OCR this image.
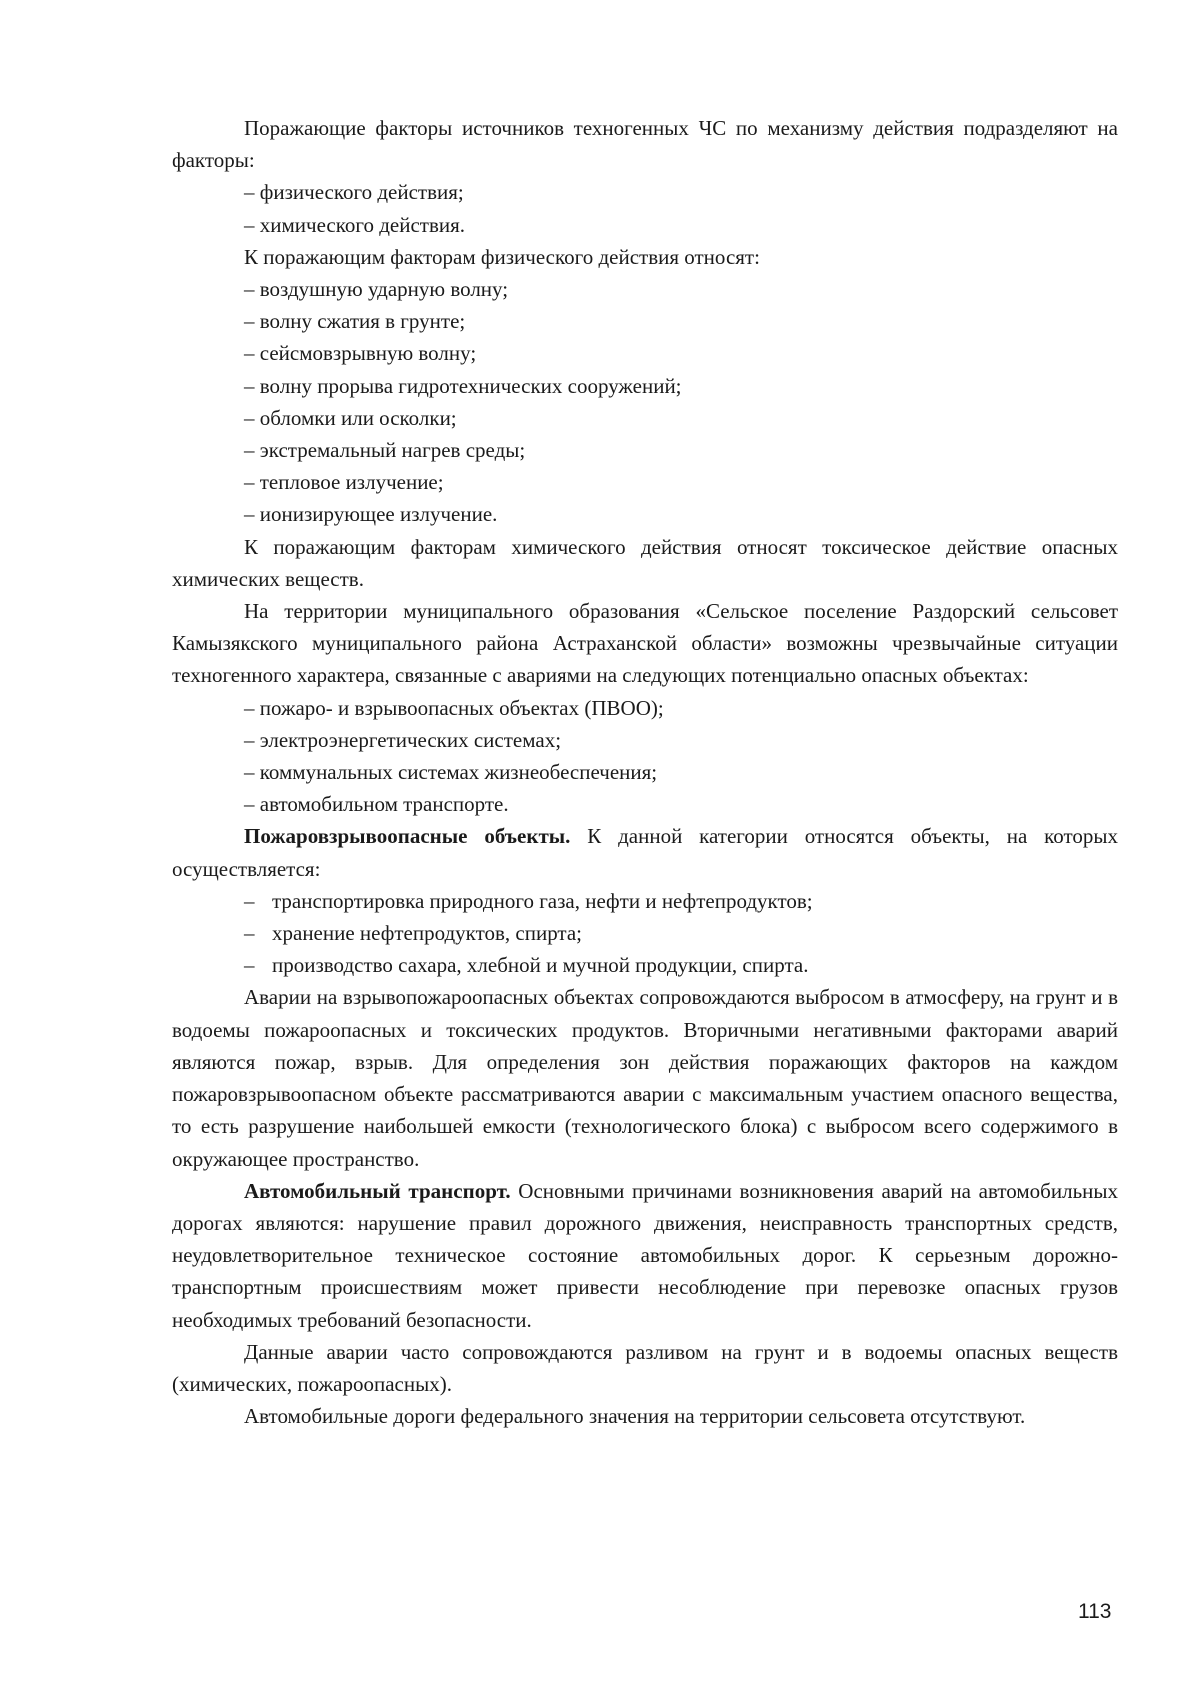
Поражающие факторы источников техногенных ЧС по механизму действия подразделяют на факторы:

– физического действия;

– химического действия.

К поражающим факторам физического действия относят:

– воздушную ударную волну;

– волну сжатия в грунте;

– сейсмовзрывную волну;

– волну прорыва гидротехнических сооружений;

– обломки или осколки;

– экстремальный нагрев среды;

– тепловое излучение;

– ионизирующее излучение.

К поражающим факторам химического действия относят токсическое действие опасных химических веществ.

На территории муниципального образования «Сельское поселение Раздорский сельсовет Камызякского муниципального района Астраханской области» возможны чрезвычайные ситуации техногенного характера, связанные с авариями на следующих потенциально опасных объектах:

– пожаро- и взрывоопасных объектах (ПВОО);

– электроэнергетических системах;

– коммунальных системах жизнеобеспечения;

– автомобильном транспорте.

Пожаровзрывоопасные объекты. К данной категории относятся объекты, на которых осуществляется:

– транспортировка природного газа, нефти и нефтепродуктов;

– хранение нефтепродуктов, спирта;

– производство сахара, хлебной и мучной продукции, спирта.

Аварии на взрывопожароопасных объектах сопровождаются выбросом в атмосферу, на грунт и в водоемы пожароопасных и токсических продуктов. Вторичными негативными факторами аварий являются пожар, взрыв. Для определения зон действия поражающих факторов на каждом пожаровзрывоопасном объекте рассматриваются аварии с максимальным участием опасного вещества, то есть разрушение наибольшей емкости (технологического блока) с выбросом всего содержимого в окружающее пространство.

Автомобильный транспорт. Основными причинами возникновения аварий на автомобильных дорогах являются: нарушение правил дорожного движения, неисправность транспортных средств, неудовлетворительное техническое состояние автомобильных дорог. К серьезным дорожно-транспортным происшествиям может привести несоблюдение при перевозке опасных грузов необходимых требований безопасности.

Данные аварии часто сопровождаются разливом на грунт и в водоемы опасных веществ (химических, пожароопасных).

Автомобильные дороги федерального значения на территории сельсовета отсутствуют.

113
